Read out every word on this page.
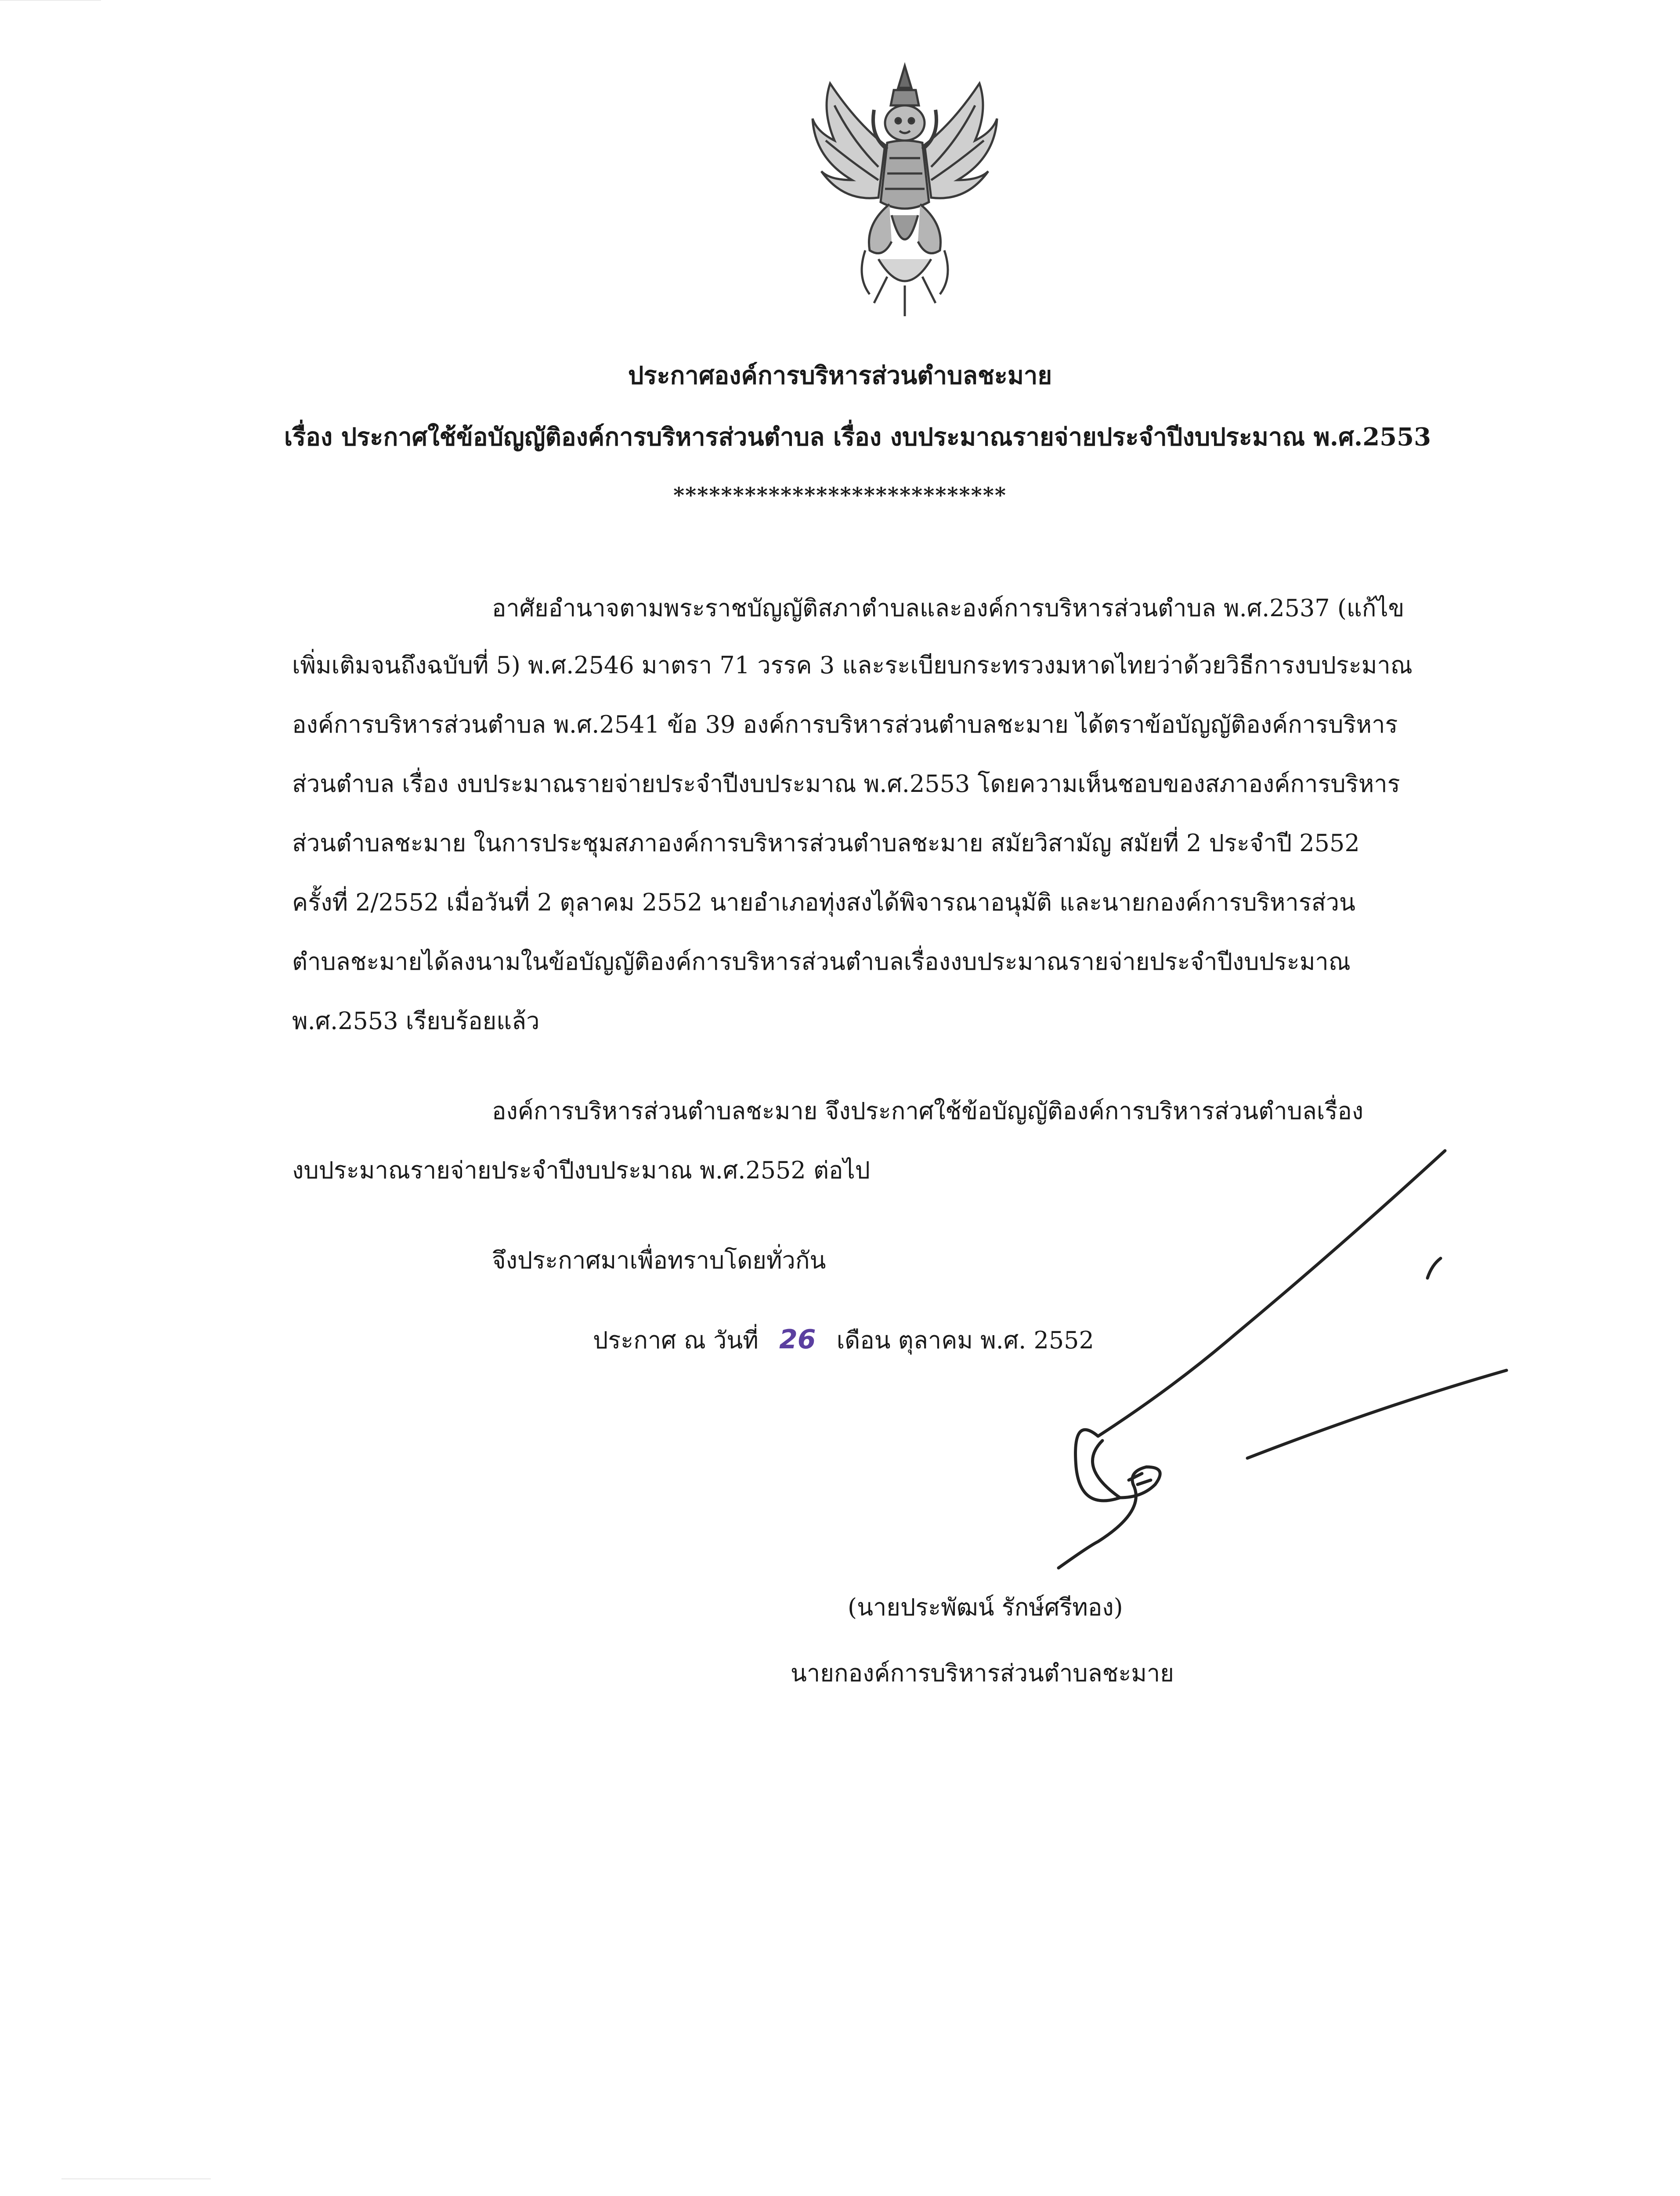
ประกาศองค์การบริหารส่วนตำบลชะมาย
เรื่อง ประกาศใช้ข้อบัญญัติองค์การบริหารส่วนตำบล เรื่อง งบประมาณรายจ่ายประจำปีงบประมาณ พ.ศ.2553
****************************
อาศัยอำนาจตามพระราชบัญญัติสภาตำบลและองค์การบริหารส่วนตำบล พ.ศ.2537 (แก้ไข
เพิ่มเติมจนถึงฉบับที่ 5) พ.ศ.2546 มาตรา 71 วรรค 3 และระเบียบกระทรวงมหาดไทยว่าด้วยวิธีการงบประมาณ
องค์การบริหารส่วนตำบล พ.ศ.2541 ข้อ 39 องค์การบริหารส่วนตำบลชะมาย ได้ตราข้อบัญญัติองค์การบริหาร
ส่วนตำบล เรื่อง งบประมาณรายจ่ายประจำปีงบประมาณ พ.ศ.2553 โดยความเห็นชอบของสภาองค์การบริหาร
ส่วนตำบลชะมาย ในการประชุมสภาองค์การบริหารส่วนตำบลชะมาย สมัยวิสามัญ สมัยที่ 2 ประจำปี 2552
ครั้งที่ 2/2552 เมื่อวันที่ 2 ตุลาคม 2552 นายอำเภอทุ่งสงได้พิจารณาอนุมัติ และนายกองค์การบริหารส่วน
ตำบลชะมายได้ลงนามในข้อบัญญัติองค์การบริหารส่วนตำบลเรื่องงบประมาณรายจ่ายประจำปีงบประมาณ
พ.ศ.2553 เรียบร้อยแล้ว
องค์การบริหารส่วนตำบลชะมาย จึงประกาศใช้ข้อบัญญัติองค์การบริหารส่วนตำบลเรื่อง
งบประมาณรายจ่ายประจำปีงบประมาณ พ.ศ.2552 ต่อไป
จึงประกาศมาเพื่อทราบโดยทั่วกัน
ประกาศ ณ วันที่ 26 เดือน ตุลาคม พ.ศ. 2552
(นายประพัฒน์ รักษ์ศรีทอง)
นายกองค์การบริหารส่วนตำบลชะมาย
